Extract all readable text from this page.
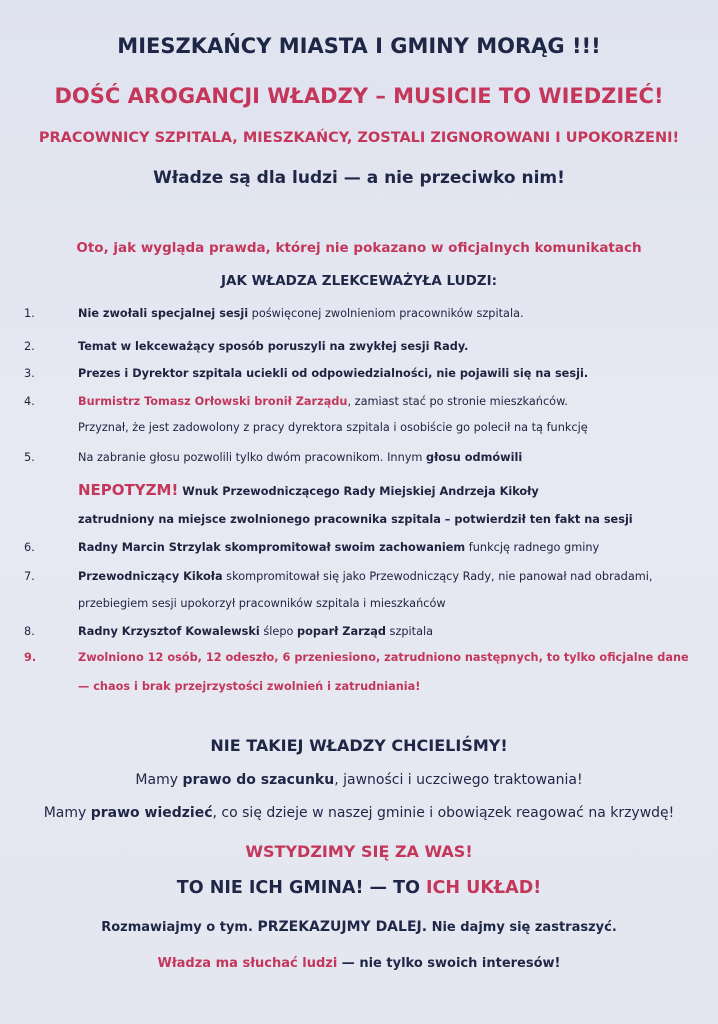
MIESZKAŃCY MIASTA I GMINY MORĄG !!!
DOŚĆ AROGANCJI WŁADZY – MUSICIE TO WIEDZIEĆ!
PRACOWNICY SZPITALA, MIESZKAŃCY, ZOSTALI ZIGNOROWANI I UPOKORZENI!
Władze są dla ludzi — a nie przeciwko nim!
Oto, jak wygląda prawda, której nie pokazano w oficjalnych komunikatach
JAK WŁADZA ZLEKCEWAŻYŁA LUDZI:
1.	Nie zwołali specjalnej sesji poświęconej zwolnieniom pracowników szpitala.
2.	Temat w lekceważący sposób poruszyli na zwykłej sesji Rady.
3.	Prezes i Dyrektor szpitala uciekli od odpowiedzialności, nie pojawili się na sesji.
4.	Burmistrz Tomasz Orłowski bronił Zarządu, zamiast stać po stronie mieszkańców.
Przyznał, że jest zadowolony z pracy dyrektora szpitala i osobiście go polecił na tą funkcję
5.	Na zabranie głosu pozwolili tylko dwóm pracownikom. Innym głosu odmówili
NEPOTYZM! Wnuk Przewodniczącego Rady Miejskiej Andrzeja Kikoły
zatrudniony na miejsce zwolnionego pracownika szpitala – potwierdził ten fakt na sesji
6.	Radny Marcin Strzylak skompromitował swoim zachowaniem funkcję radnego gminy
7.	Przewodniczący Kikoła skompromitował się jako Przewodniczący Rady, nie panował nad obradami,
przebiegiem sesji upokorzył pracowników szpitala i mieszkańców
8.	Radny Krzysztof Kowalewski ślepo poparł Zarząd szpitala
9.	Zwolniono 12 osób, 12 odeszło, 6 przeniesiono, zatrudniono następnych, to tylko oficjalne dane
— chaos i brak przejrzystości zwolnień i zatrudniania!
NIE TAKIEJ WŁADZY CHCIELIŚMY!
Mamy prawo do szacunku, jawności i uczciwego traktowania!
Mamy prawo wiedzieć, co się dzieje w naszej gminie i obowiązek reagować na krzywdę!
WSTYDZIMY SIĘ ZA WAS!
TO NIE ICH GMINA! — TO ICH UKŁAD!
Rozmawiajmy o tym. PRZEKAZUJMY DALEJ. Nie dajmy się zastraszyć.
Władza ma słuchać ludzi — nie tylko swoich interesów!
